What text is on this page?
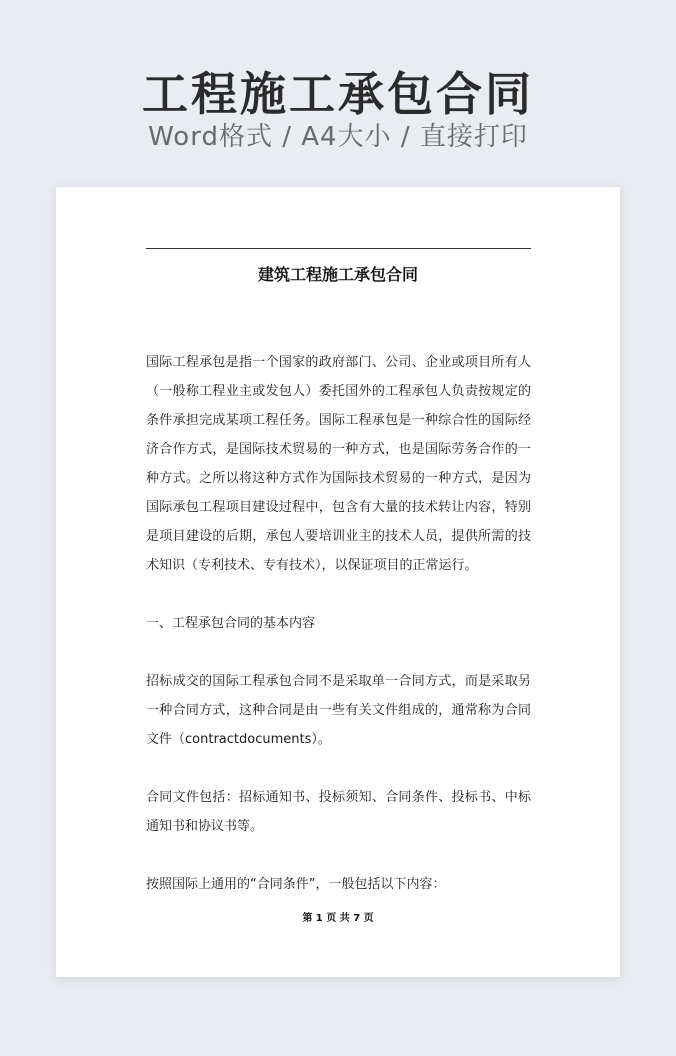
工程施工承包合同
Word格式 / A4大小 / 直接打印
建筑工程施工承包合同

国际工程承包是指一个国家的政府部门、公司、企业或项目所有人（一般称工程业主或发包人）委托国外的工程承包人负责按规定的条件承担完成某项工程任务。国际工程承包是一种综合性的国际经济合作方式，是国际技术贸易的一种方式，也是国际劳务合作的一种方式。之所以将这种方式作为国际技术贸易的一种方式，是因为国际承包工程项目建设过程中，包含有大量的技术转让内容，特别是项目建设的后期，承包人要培训业主的技术人员，提供所需的技术知识（专利技术、专有技术），以保证项目的正常运行。

一、工程承包合同的基本内容

招标成交的国际工程承包合同不是采取单一合同方式，而是采取另一种合同方式，这种合同是由一些有关文件组成的，通常称为合同文件（contractdocuments）。

合同文件包括：招标通知书、投标须知、合同条件、投标书、中标通知书和协议书等。

按照国际上通用的“合同条件”，一般包括以下内容：

第 1 页 共 7 页
